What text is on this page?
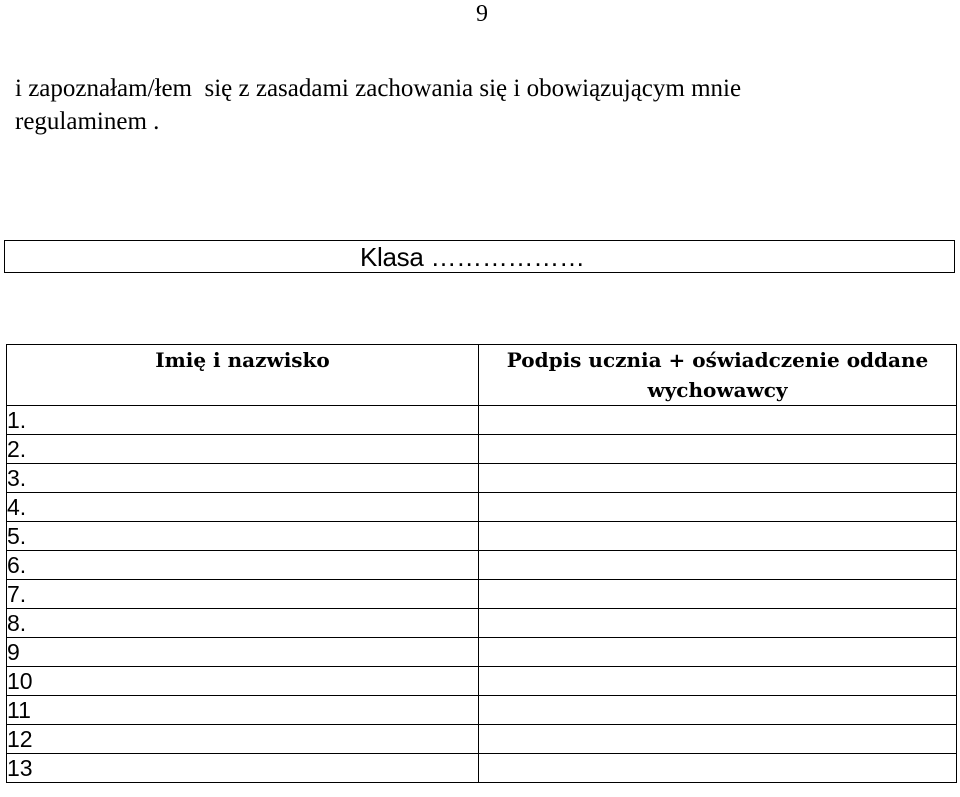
9
i zapoznałam/łem  się z zasadami zachowania się i obowiązującym mnie
regulaminem .
Klasa ………………
Imię i nazwisko	Podpis ucznia + oświadczenie oddane wychowawcy
1.	
2.	
3.	
4.	
5.	
6.	
7.	
8.	
9	
10	
11	
12	
13	
